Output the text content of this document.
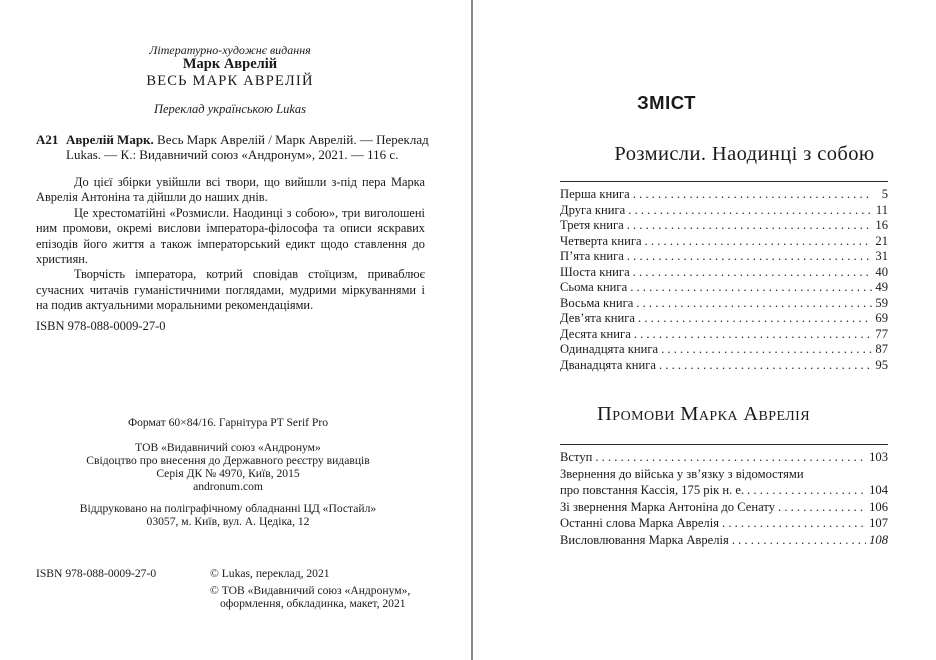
Літературно-художнє видання
Марк Аврелій
ВЕСЬ МАРК АВРЕЛІЙ
Переклад українською Lukas
А21 Аврелій Марк. Весь Марк Аврелій / Марк Аврелій. — Переклад
Lukas. — К.: Видавничий союз «Андронум», 2021. — 116 с.

До цієї збірки увійшли всі твори, що вийшли з-під пера Марка Аврелія Антоніна та дійшли до наших днів.

Це хрестоматійні «Розмисли. Наодинці з собою», три виголошені ним промови, окремі вислови імператора-філософа та описи яскравих епізодів його життя а також імператорський едикт щодо ставлення до християн.

Творчість імператора, котрий сповідав стоїцизм, приваблює сучасних читачів гуманістичними поглядами, мудрими міркуваннями і на подив актуальними моральними рекомендаціями.

ISBN 978-088-0009-27-0
Формат 60×84/16. Гарнітура PT Serif Pro
ТОВ «Видавничий союз «Андронум»
Свідоцтво про внесення до Державного реєстру видавців
Серія ДК № 4970, Київ, 2015
andronum.com
Віддруковано на поліграфічному обладнанні ЦД «Постайл»
03057, м. Київ, вул. А. Цедіка, 12
ISBN 978-088-0009-27-0	© Lukas, переклад, 2021
© ТОВ «Видавничий союз «Андронум»,
оформлення, обкладинка, макет, 2021
ЗМІСТ
Розмисли. Наодинці з собою
Перша книга . . .	5
Друга книга . . .	11
Третя книга . . .	16
Четверта книга . . .	21
П’ята книга . . .	31
Шоста книга . . .	40
Сьома книга . . .	49
Восьма книга . . .	59
Дев’ята книга . . .	69
Десята книга . . .	77
Одинадцята книга . . .	87
Дванадцята книга . . .	95
Промови Марка Аврелія
Вступ . . .	103
Звернення до війська у зв’язку з відомостями
про повстання Кассія, 175 рік н. е. . . .	104
Зі звернення Марка Антоніна до Сенату . . .	106
Останні слова Марка Аврелія . . .	107
Висловлювання Марка Аврелія . . .	108
